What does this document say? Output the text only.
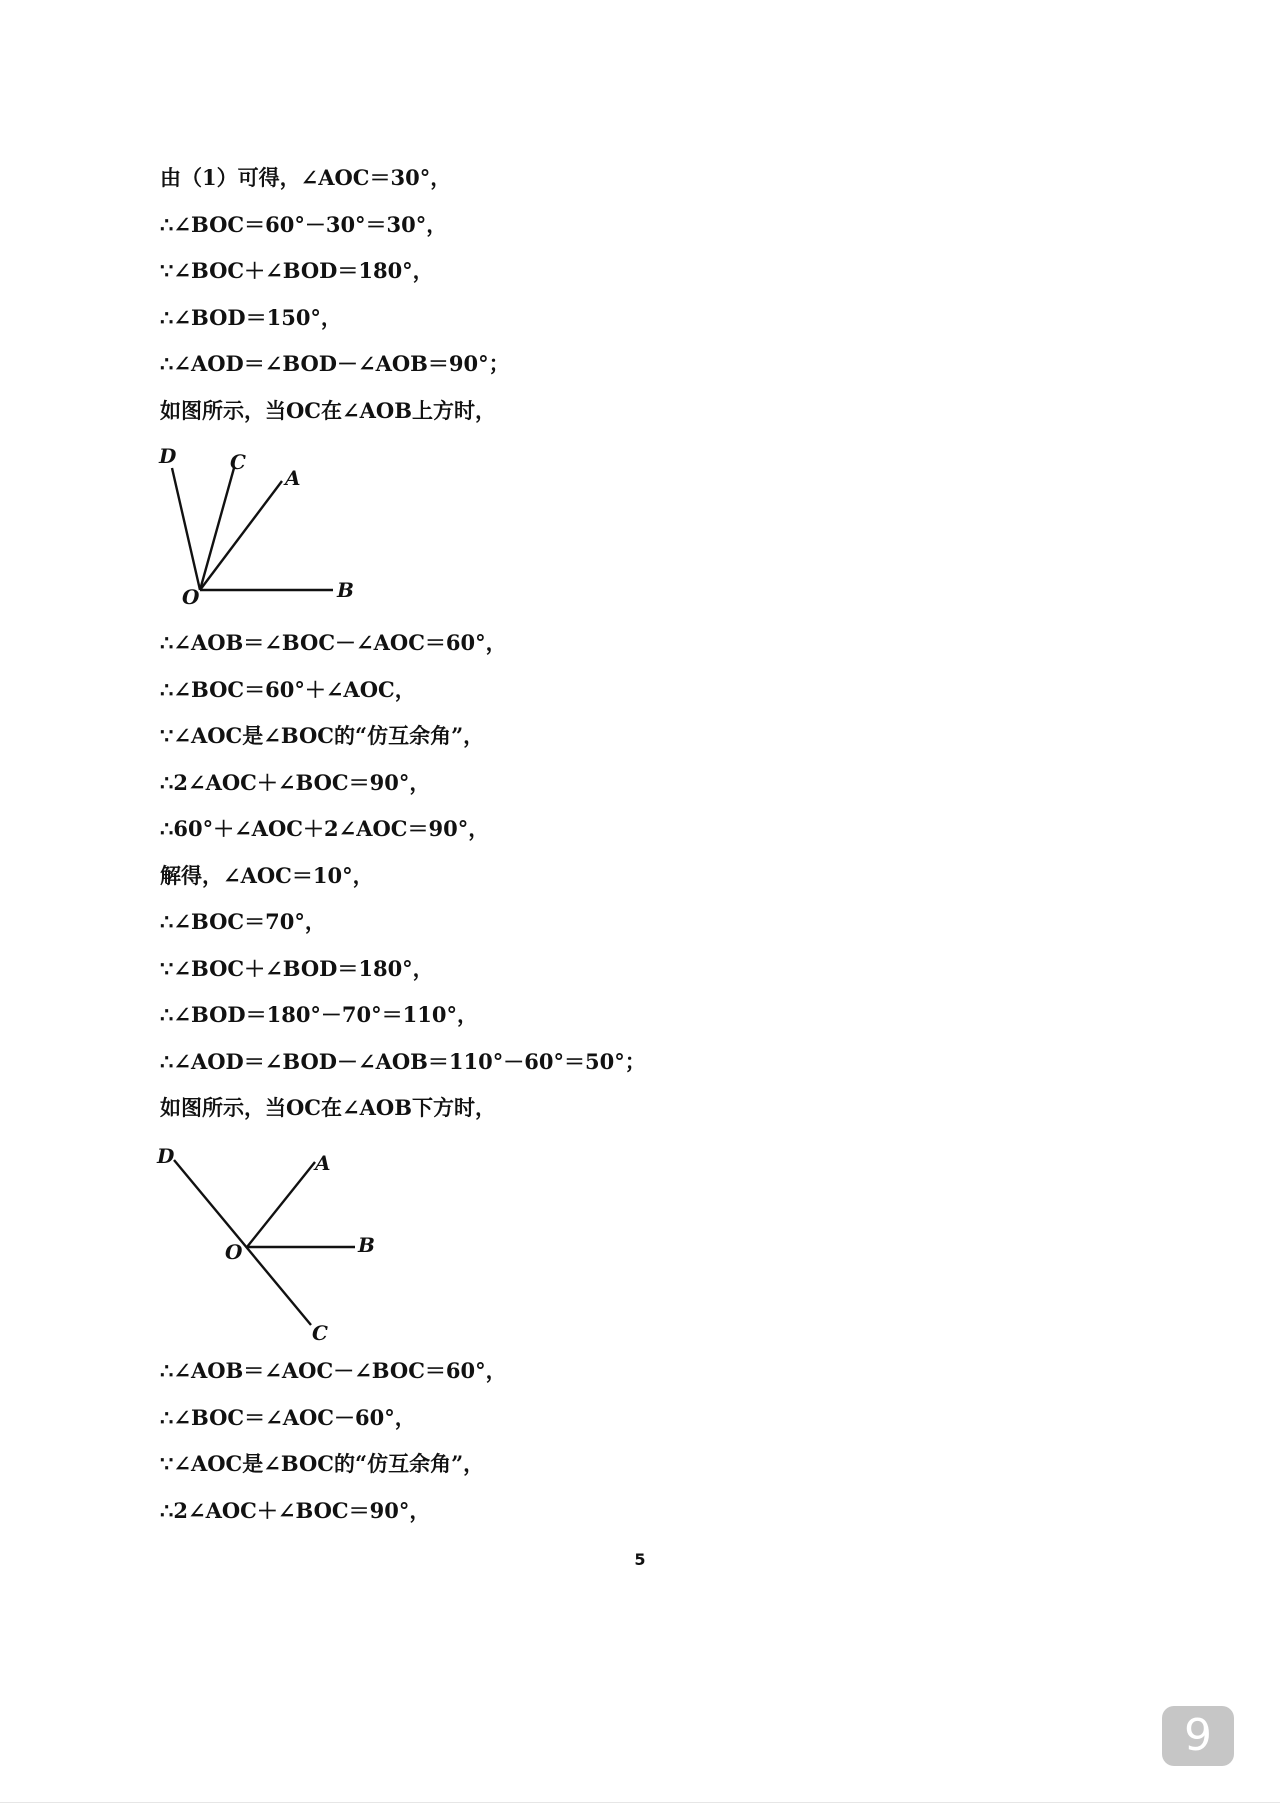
由（1）可得，∠AOC＝30°，
∴∠BOC＝60°－30°＝30°，
∵∠BOC＋∠BOD＝180°，
∴∠BOD＝150°，
∴∠AOD＝∠BOD－∠AOB＝90°；
如图所示，当OC在∠AOB上方时，
D	C
A
O	B
∴∠AOB＝∠BOC－∠AOC＝60°，
∴∠BOC＝60°＋∠AOC，
∵∠AOC是∠BOC的“仿互余角”，
∴2∠AOC＋∠BOC＝90°，
∴60°＋∠AOC＋2∠AOC＝90°，
解得，∠AOC＝10°，
∴∠BOC＝70°，
∵∠BOC＋∠BOD＝180°，
∴∠BOD＝180°－70°＝110°，
∴∠AOD＝∠BOD－∠AOB＝110°－60°＝50°；
如图所示，当OC在∠AOB下方时，
D	A
O	B
C
∴∠AOB＝∠AOC－∠BOC＝60°，
∴∠BOC＝∠AOC－60°，
∵∠AOC是∠BOC的“仿互余角”，
∴2∠AOC＋∠BOC＝90°，
5
9
